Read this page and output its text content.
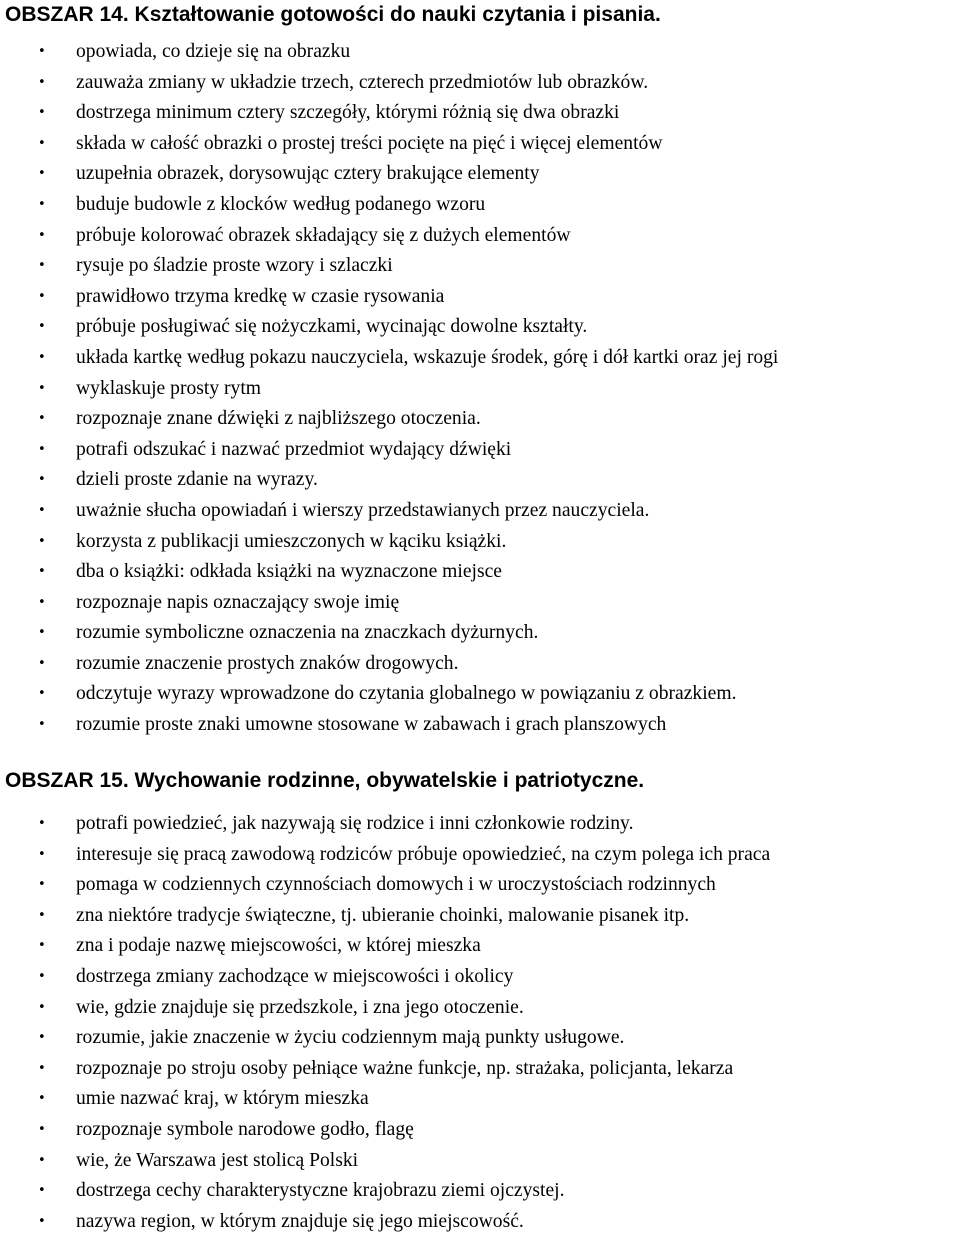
OBSZAR 14. Kształtowanie gotowości do nauki czytania i pisania.
• opowiada, co dzieje się na obrazku
• zauważa zmiany w układzie trzech, czterech przedmiotów lub obrazków.
• dostrzega minimum cztery szczegóły, którymi różnią się dwa obrazki
• składa w całość obrazki o prostej treści pocięte na pięć i więcej elementów
• uzupełnia obrazek, dorysowując cztery brakujące elementy
• buduje budowle z klocków według podanego wzoru
• próbuje kolorować obrazek składający się z dużych elementów
• rysuje po śladzie proste wzory i szlaczki
• prawidłowo trzyma kredkę w czasie rysowania
• próbuje posługiwać się nożyczkami, wycinając dowolne kształty.
• układa kartkę według pokazu nauczyciela, wskazuje środek, górę i dół kartki oraz jej rogi
• wyklaskuje prosty rytm
• rozpoznaje znane dźwięki z najbliższego otoczenia.
• potrafi odszukać i nazwać przedmiot wydający dźwięki
• dzieli proste zdanie na wyrazy.
• uważnie słucha opowiadań i wierszy przedstawianych przez nauczyciela.
• korzysta z publikacji umieszczonych w kąciku książki.
• dba o książki: odkłada książki na wyznaczone miejsce
• rozpoznaje napis oznaczający swoje imię
• rozumie symboliczne oznaczenia na znaczkach dyżurnych.
• rozumie znaczenie prostych znaków drogowych.
• odczytuje wyrazy wprowadzone do czytania globalnego w powiązaniu z obrazkiem.
• rozumie proste znaki umowne stosowane w zabawach i grach planszowych
OBSZAR 15. Wychowanie rodzinne, obywatelskie i patriotyczne.
• potrafi powiedzieć, jak nazywają się rodzice i inni członkowie rodziny.
• interesuje się pracą zawodową rodziców próbuje opowiedzieć, na czym polega ich praca
• pomaga w codziennych czynnościach domowych i w uroczystościach rodzinnych
• zna niektóre tradycje świąteczne, tj. ubieranie choinki, malowanie pisanek itp.
• zna i podaje nazwę miejscowości, w której mieszka
• dostrzega zmiany zachodzące w miejscowości i okolicy
• wie, gdzie znajduje się przedszkole, i zna jego otoczenie.
• rozumie, jakie znaczenie w życiu codziennym mają punkty usługowe.
• rozpoznaje po stroju osoby pełniące ważne funkcje, np. strażaka, policjanta, lekarza
• umie nazwać kraj, w którym mieszka
• rozpoznaje symbole narodowe godło, flagę
• wie, że Warszawa jest stolicą Polski
• dostrzega cechy charakterystyczne krajobrazu ziemi ojczystej.
• nazywa region, w którym znajduje się jego miejscowość.
